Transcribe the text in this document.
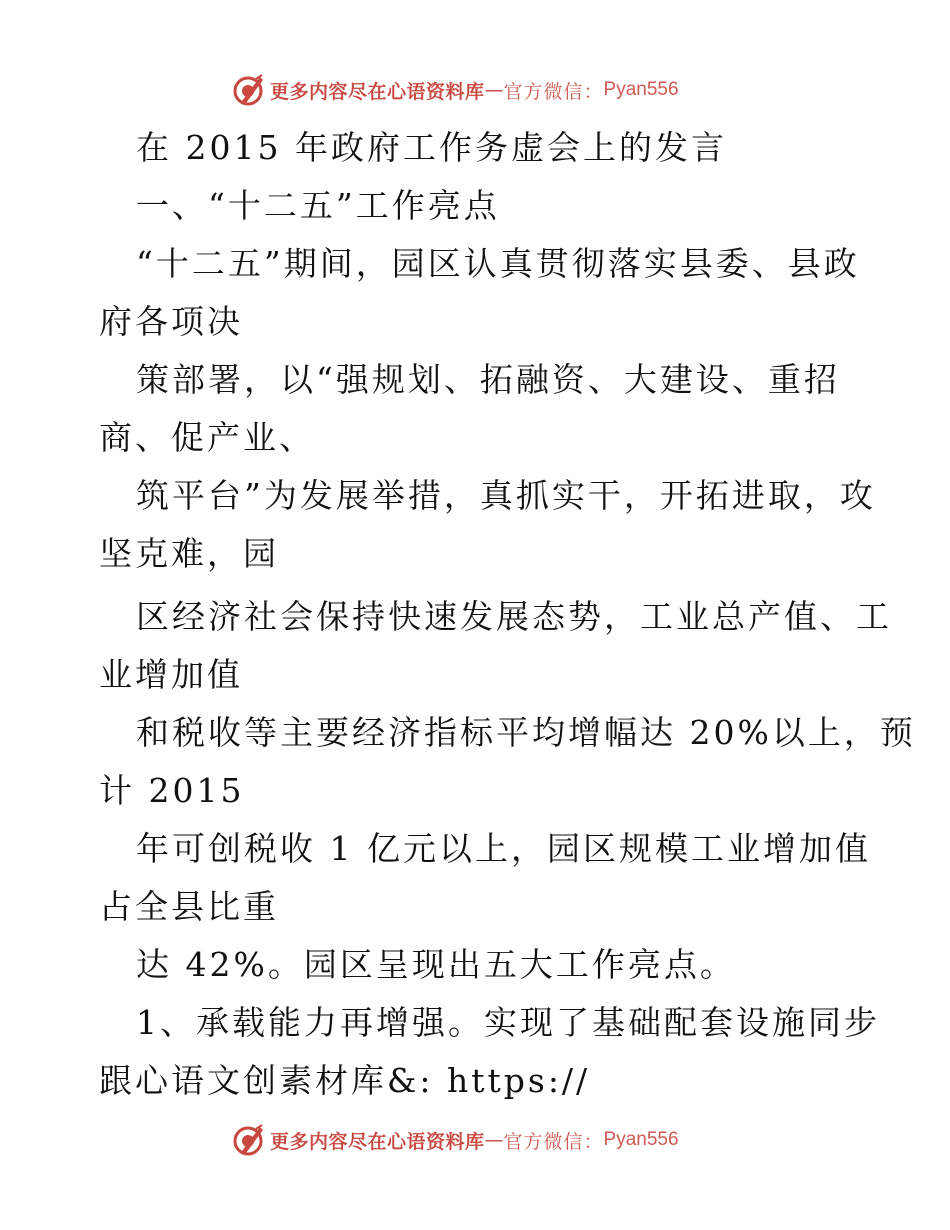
更多内容尽在心语资料库 — 官方微信： Pyan556
在 2015 年政府工作务虚会上的发言
一、“十二五”工作亮点
“十二五”期间，园区认真贯彻落实县委、县政
府各项决
策部署，以“强规划、拓融资、大建设、重招
商、促产业、
筑平台”为发展举措，真抓实干，开拓进取，攻
坚克难，园
区经济社会保持快速发展态势，工业总产值、工
业增加值
和税收等主要经济指标平均增幅达 20%以上，预
计 2015
年可创税收 1 亿元以上，园区规模工业增加值
占全县比重
达 42%。园区呈现出五大工作亮点。
1、承载能力再增强。实现了基础配套设施同步
跟心语文创素材库&: https://
更多内容尽在心语资料库 — 官方微信： Pyan556
